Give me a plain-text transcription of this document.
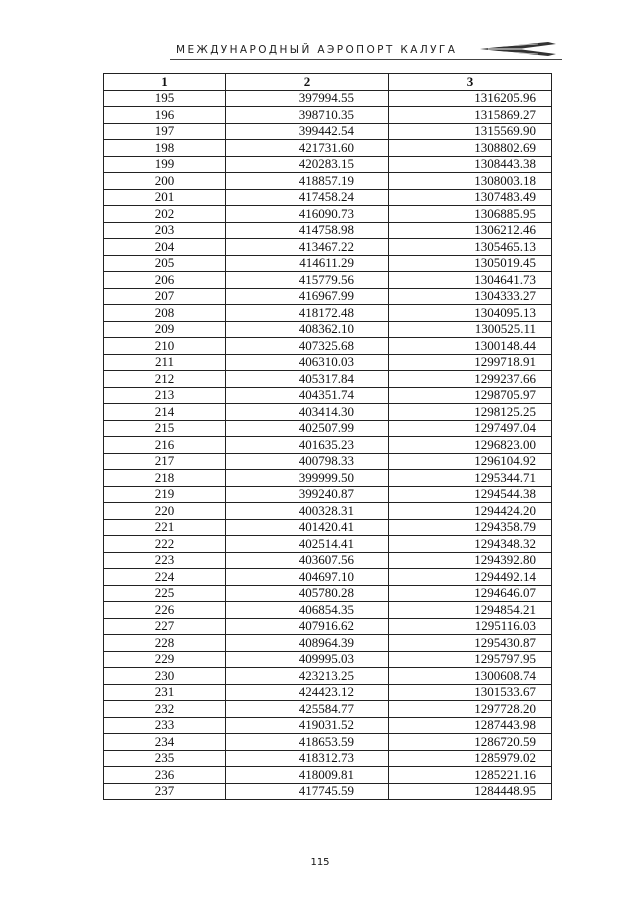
МЕЖДУНАРОДНЫЙ АЭРОПОРТ КАЛУГА
1	2	3
195	397994.55	1316205.96
196	398710.35	1315869.27
197	399442.54	1315569.90
198	421731.60	1308802.69
199	420283.15	1308443.38
200	418857.19	1308003.18
201	417458.24	1307483.49
202	416090.73	1306885.95
203	414758.98	1306212.46
204	413467.22	1305465.13
205	414611.29	1305019.45
206	415779.56	1304641.73
207	416967.99	1304333.27
208	418172.48	1304095.13
209	408362.10	1300525.11
210	407325.68	1300148.44
211	406310.03	1299718.91
212	405317.84	1299237.66
213	404351.74	1298705.97
214	403414.30	1298125.25
215	402507.99	1297497.04
216	401635.23	1296823.00
217	400798.33	1296104.92
218	399999.50	1295344.71
219	399240.87	1294544.38
220	400328.31	1294424.20
221	401420.41	1294358.79
222	402514.41	1294348.32
223	403607.56	1294392.80
224	404697.10	1294492.14
225	405780.28	1294646.07
226	406854.35	1294854.21
227	407916.62	1295116.03
228	408964.39	1295430.87
229	409995.03	1295797.95
230	423213.25	1300608.74
231	424423.12	1301533.67
232	425584.77	1297728.20
233	419031.52	1287443.98
234	418653.59	1286720.59
235	418312.73	1285979.02
236	418009.81	1285221.16
237	417745.59	1284448.95
115
